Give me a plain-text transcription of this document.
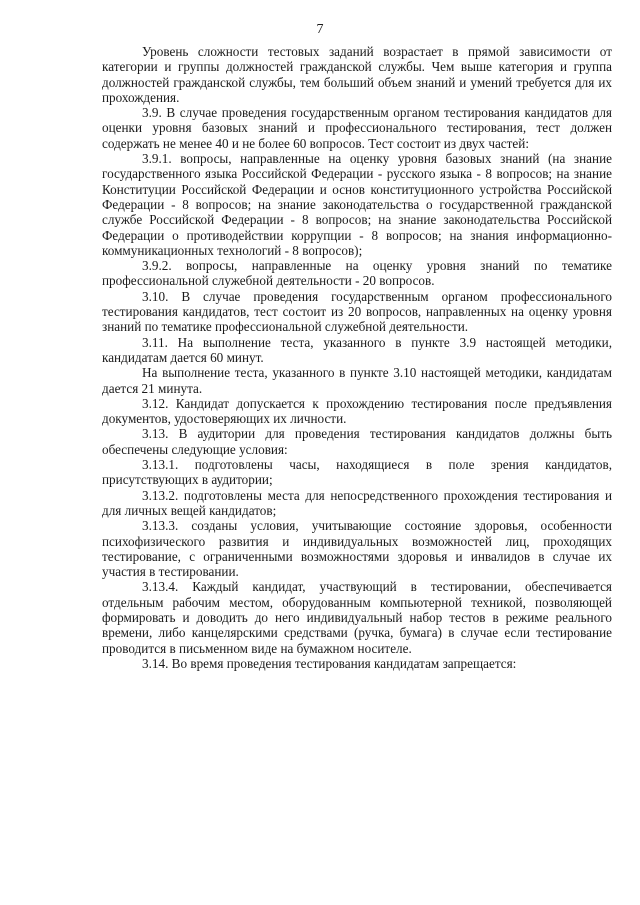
7

Уровень сложности тестовых заданий возрастает в прямой зависимости от категории и группы должностей гражданской службы. Чем выше категория и группа должностей гражданской службы, тем больший объем знаний и умений требуется для их прохождения.

3.9. В случае проведения государственным органом тестирования кандидатов для оценки уровня базовых знаний и профессионального тестирования, тест должен содержать не менее 40 и не более 60 вопросов. Тест состоит из двух частей:

3.9.1. вопросы, направленные на оценку уровня базовых знаний (на знание государственного языка Российской Федерации - русского языка - 8 вопросов; на знание Конституции Российской Федерации и основ конституционного устройства Российской Федерации - 8 вопросов; на знание законодательства о государственной гражданской службе Российской Федерации - 8 вопросов; на знание законодательства Российской Федерации о противодействии коррупции - 8 вопросов; на знания информационно-коммуникационных технологий - 8 вопросов);

3.9.2. вопросы, направленные на оценку уровня знаний по тематике профессиональной служебной деятельности - 20 вопросов.

3.10. В случае проведения государственным органом профессионального тестирования кандидатов, тест состоит из 20 вопросов, направленных на оценку уровня знаний по тематике профессиональной служебной деятельности.

3.11. На выполнение теста, указанного в пункте 3.9 настоящей методики, кандидатам дается 60 минут.

На выполнение теста, указанного в пункте 3.10 настоящей методики, кандидатам дается 21 минута.

3.12. Кандидат допускается к прохождению тестирования после предъявления документов, удостоверяющих их личности.

3.13. В аудитории для проведения тестирования кандидатов должны быть обеспечены следующие условия:

3.13.1. подготовлены часы, находящиеся в поле зрения кандидатов, присутствующих в аудитории;

3.13.2. подготовлены места для непосредственного прохождения тестирования и для личных вещей кандидатов;

3.13.3. созданы условия, учитывающие состояние здоровья, особенности психофизического развития и индивидуальных возможностей лиц, проходящих тестирование, с ограниченными возможностями здоровья и инвалидов в случае их участия в тестировании.

3.13.4. Каждый кандидат, участвующий в тестировании, обеспечивается отдельным рабочим местом, оборудованным компьютерной техникой, позволяющей формировать и доводить до него индивидуальный набор тестов в режиме реального времени, либо канцелярскими средствами (ручка, бумага) в случае если тестирование проводится в письменном виде на бумажном носителе.

3.14. Во время проведения тестирования кандидатам запрещается:
